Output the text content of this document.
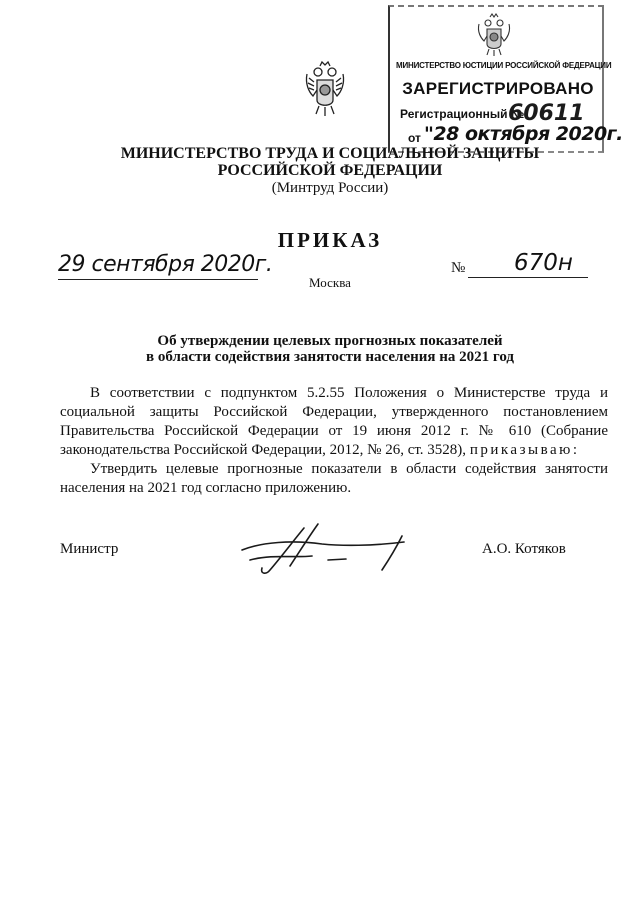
МИНИСТЕРСТВО ЮСТИЦИИ РОССИЙСКОЙ ФЕДЕРАЦИИ
ЗАРЕГИСТРИРОВАНО
Регистрационный №
60611
от "28 октября 2020г.
МИНИСТЕРСТВО ТРУДА И СОЦИАЛЬНОЙ ЗАЩИТЫ
РОССИЙСКОЙ ФЕДЕРАЦИИ
(Минтруд России)
ПРИКАЗ
29 сентября 2020г.	№ 670н
Москва
Об утверждении целевых прогнозных показателей
в области содействия занятости населения на 2021 год

В соответствии с подпунктом 5.2.55 Положения о Министерстве труда и социальной защиты Российской Федерации, утвержденного постановлением Правительства Российской Федерации от 19 июня 2012 г. № 610 (Собрание законодательства Российской Федерации, 2012, № 26, ст. 3528), приказываю:

Утвердить целевые прогнозные показатели в области содействия занятости населения на 2021 год согласно приложению.

Министр	А.О. Котяков
